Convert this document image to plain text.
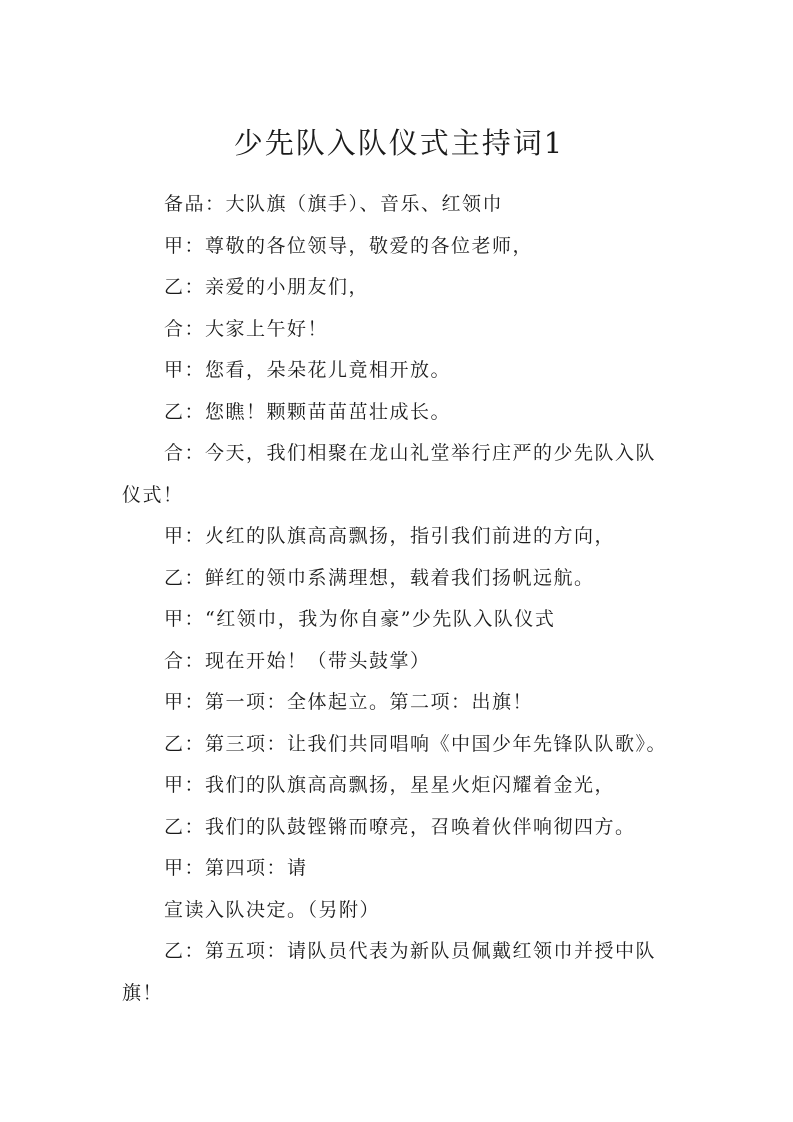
少先队入队仪式主持词1

备品：大队旗（旗手）、音乐、红领巾

甲：尊敬的各位领导，敬爱的各位老师，

乙：亲爱的小朋友们，

合：大家上午好！

甲：您看，朵朵花儿竟相开放。

乙：您瞧！颗颗苗苗茁壮成长。

合：今天，我们相聚在龙山礼堂举行庄严的少先队入队仪式！

甲：火红的队旗高高飘扬，指引我们前进的方向，

乙：鲜红的领巾系满理想，载着我们扬帆远航。

甲：“红领巾，我为你自豪”少先队入队仪式

合：现在开始！（带头鼓掌）

甲：第一项：全体起立。第二项：出旗！

乙：第三项：让我们共同唱响《中国少年先锋队队歌》。

甲：我们的队旗高高飘扬，星星火炬闪耀着金光，

乙：我们的队鼓铿锵而嘹亮，召唤着伙伴响彻四方。

甲：第四项：请

宣读入队决定。（另附）

乙：第五项：请队员代表为新队员佩戴红领巾并授中队旗！
